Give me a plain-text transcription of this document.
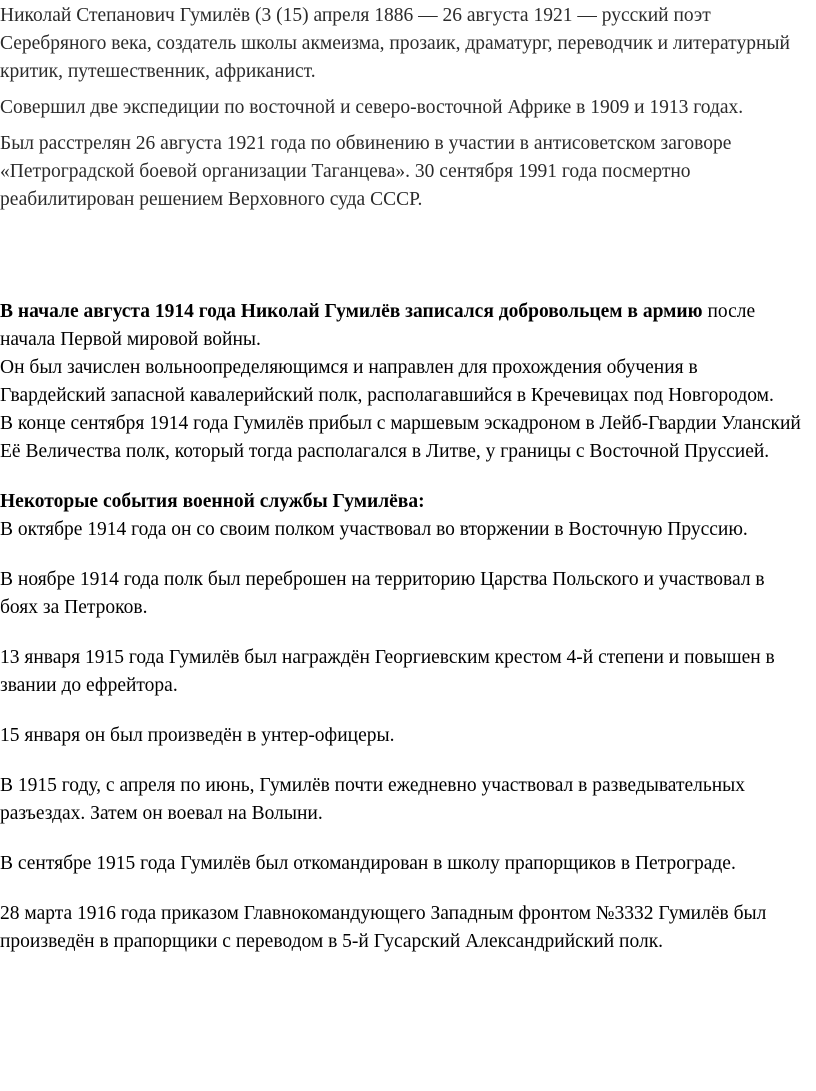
Николай Степанович Гумилёв (3 (15) апреля 1886 — 26 августа 1921 — русский поэт Серебряного века, создатель школы акмеизма, прозаик, драматург, переводчик и литературный критик, путешественник, африканист.

Совершил две экспедиции по восточной и северо-восточной Африке в 1909 и 1913 годах.

Был расстрелян 26 августа 1921 года по обвинению в участии в антисоветском заговоре «Петроградской боевой организации Таганцева». 30 сентября 1991 года посмертно реабилитирован решением Верховного суда СССР.

В начале августа 1914 года Николай Гумилёв записался добровольцем в армию после начала Первой мировой войны.

Он был зачислен вольноопределяющимся и направлен для прохождения обучения в Гвардейский запасной кавалерийский полк, располагавшийся в Кречевицах под Новгородом.

В конце сентября 1914 года Гумилёв прибыл с маршевым эскадроном в Лейб-Гвардии Уланский Её Величества полк, который тогда располагался в Литве, у границы с Восточной Пруссией.

Некоторые события военной службы Гумилёва:

В октябре 1914 года он со своим полком участвовал во вторжении в Восточную Пруссию.

В ноябре 1914 года полк был переброшен на территорию Царства Польского и участвовал в боях за Петроков.

13 января 1915 года Гумилёв был награждён Георгиевским крестом 4-й степени и повышен в звании до ефрейтора.

15 января он был произведён в унтер-офицеры.

В 1915 году, с апреля по июнь, Гумилёв почти ежедневно участвовал в разведывательных разъездах. Затем он воевал на Волыни.

В сентябре 1915 года Гумилёв был откомандирован в школу прапорщиков в Петрограде.

28 марта 1916 года приказом Главнокомандующего Западным фронтом №3332 Гумилёв был произведён в прапорщики с переводом в 5-й Гусарский Александрийский полк.
